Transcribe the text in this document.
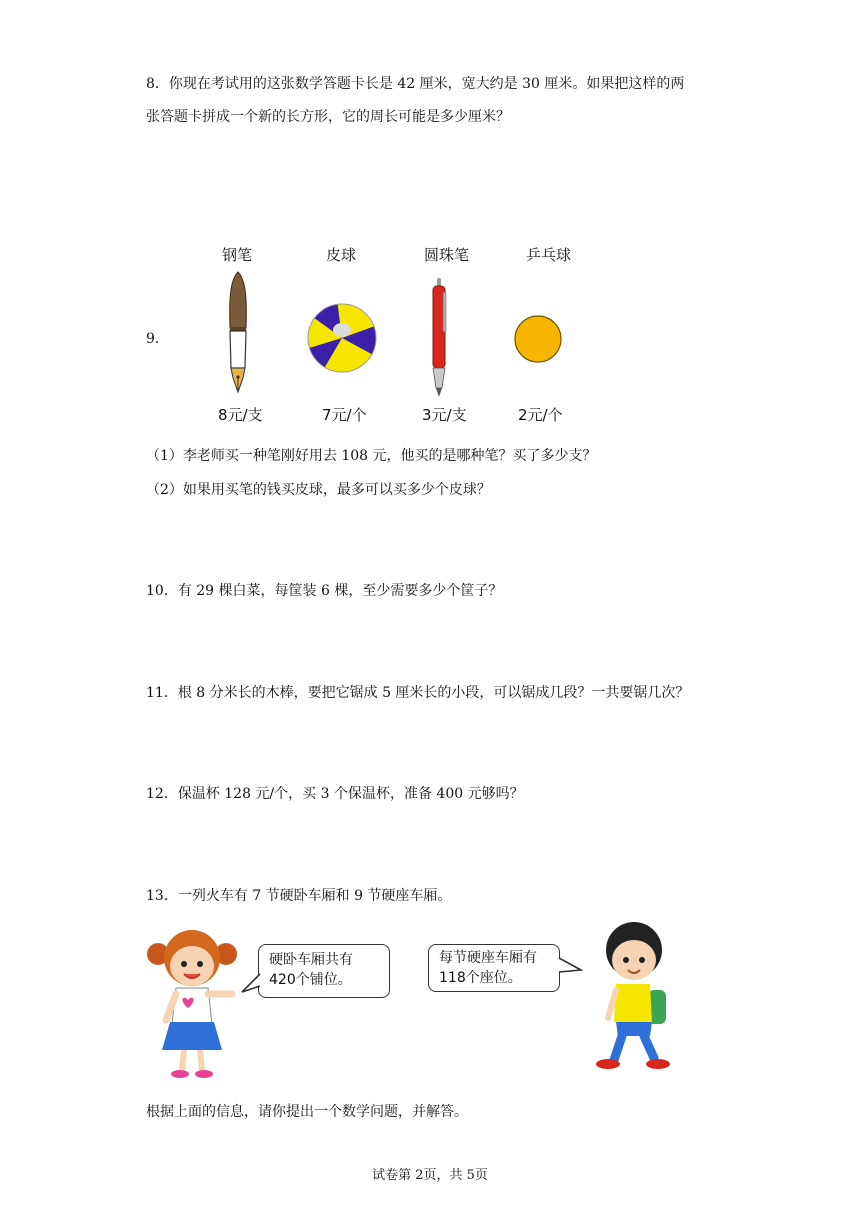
8．你现在考试用的这张数学答题卡长是 42 厘米，宽大约是 30 厘米。如果把这样的两
张答题卡拼成一个新的长方形，它的周长可能是多少厘米？
钢笔	皮球	圆珠笔	乒乓球
9．
8元/支	7元/个	3元/支	2元/个
（1）李老师买一种笔刚好用去 108 元，他买的是哪种笔？买了多少支？
（2）如果用买笔的钱买皮球，最多可以买多少个皮球？
10．有 29 棵白菜，每筐装 6 棵，至少需要多少个筐子？
11．根 8 分米长的木棒，要把它锯成 5 厘米长的小段，可以锯成几段？一共要锯几次？
12．保温杯 128 元/个，买 3 个保温杯，准备 400 元够吗？
13．一列火车有 7 节硬卧车厢和 9 节硬座车厢。
硬卧车厢共有
420个铺位。
每节硬座车厢有
118个座位。
根据上面的信息，请你提出一个数学问题，并解答。
试卷第 2页，共 5页
